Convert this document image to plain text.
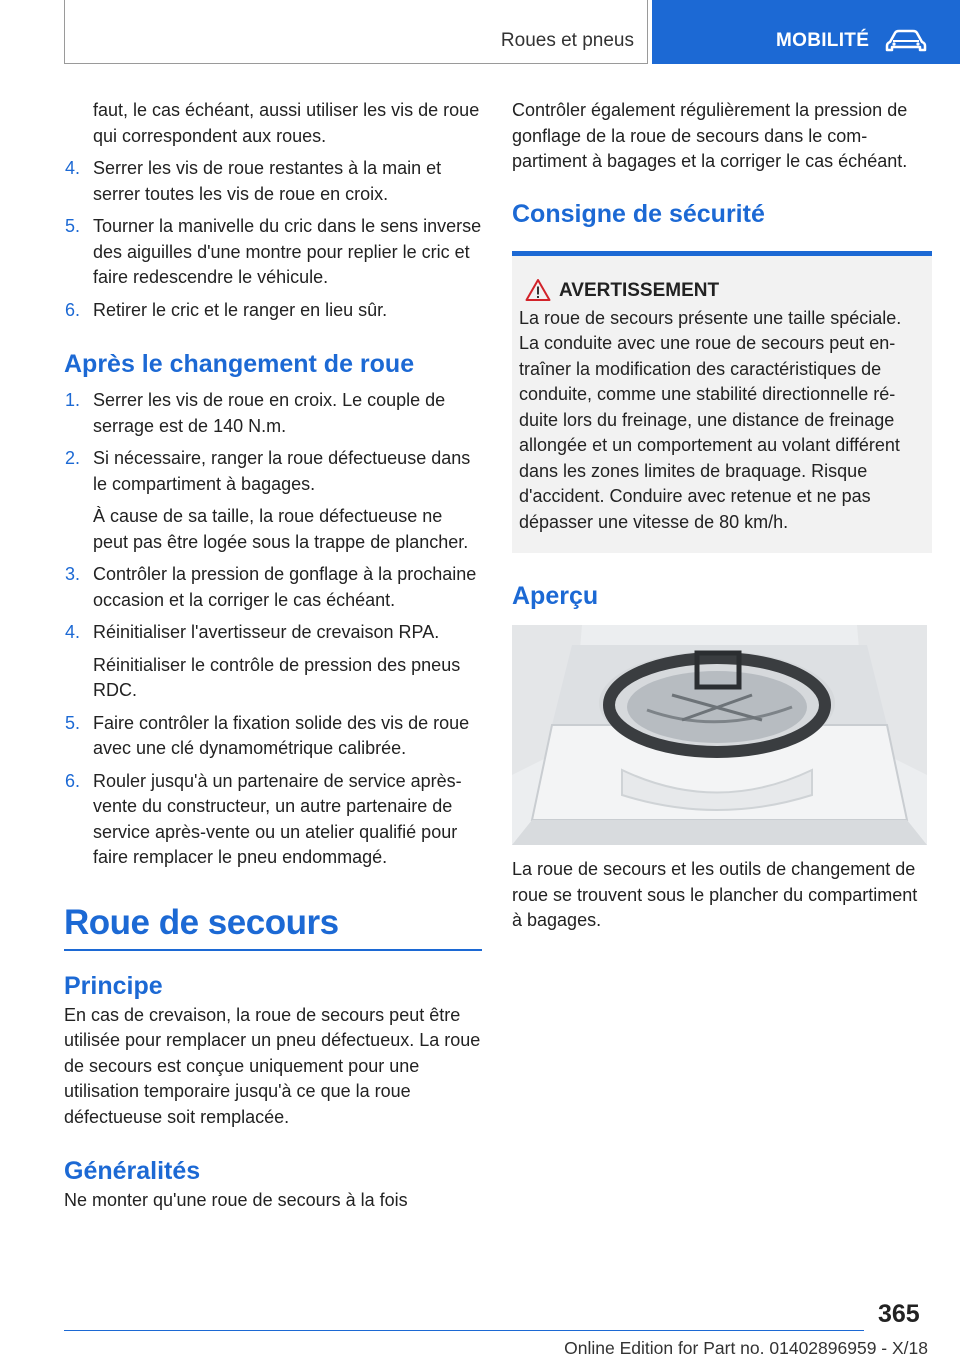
Roues et pneus	MOBILITÉ

faut, le cas échéant, aussi utiliser les vis de roue qui correspondent aux roues.

4. Serrer les vis de roue restantes à la main et serrer toutes les vis de roue en croix.
5. Tourner la manivelle du cric dans le sens inverse des aiguilles d'une montre pour replier le cric et faire redescendre le véhicule.
6. Retirer le cric et le ranger en lieu sûr.
Après le changement de roue
1. Serrer les vis de roue en croix. Le couple de serrage est de 140 N.m.
2. Si nécessaire, ranger la roue défectueuse dans le compartiment à bagages.
À cause de sa taille, la roue défectueuse ne peut pas être logée sous la trappe de plancher.
3. Contrôler la pression de gonflage à la prochaine occasion et la corriger le cas échéant.
4. Réinitialiser l'avertisseur de crevaison RPA.
Réinitialiser le contrôle de pression des pneus RDC.
5. Faire contrôler la fixation solide des vis de roue avec une clé dynamométrique calibrée.
6. Rouler jusqu'à un partenaire de service après-vente du constructeur, un autre partenaire de service après-vente ou un atelier qualifié pour faire remplacer le pneu endommagé.
Roue de secours
Principe

En cas de crevaison, la roue de secours peut être utilisée pour remplacer un pneu défectueux. La roue de secours est conçue uniquement pour une utilisation temporaire jusqu'à ce que la roue défectueuse soit remplacée.

Généralités

Ne monter qu'une roue de secours à la fois

Contrôler également régulièrement la pression de gonflage de la roue de secours dans le compartiment à bagages et la corriger le cas échéant.

Consigne de sécurité
AVERTISSEMENT

La roue de secours présente une taille spéciale. La conduite avec une roue de secours peut entraîner la modification des caractéristiques de conduite, comme une stabilité directionnelle réduite lors du freinage, une distance de freinage allongée et un comportement au volant différent dans les zones limites de braquage. Risque d'accident. Conduire avec retenue et ne pas dépasser une vitesse de 80 km/h.

Aperçu

La roue de secours et les outils de changement de roue se trouvent sous le plancher du compartiment à bagages.

365
Online Edition for Part no. 01402896959 - X/18
